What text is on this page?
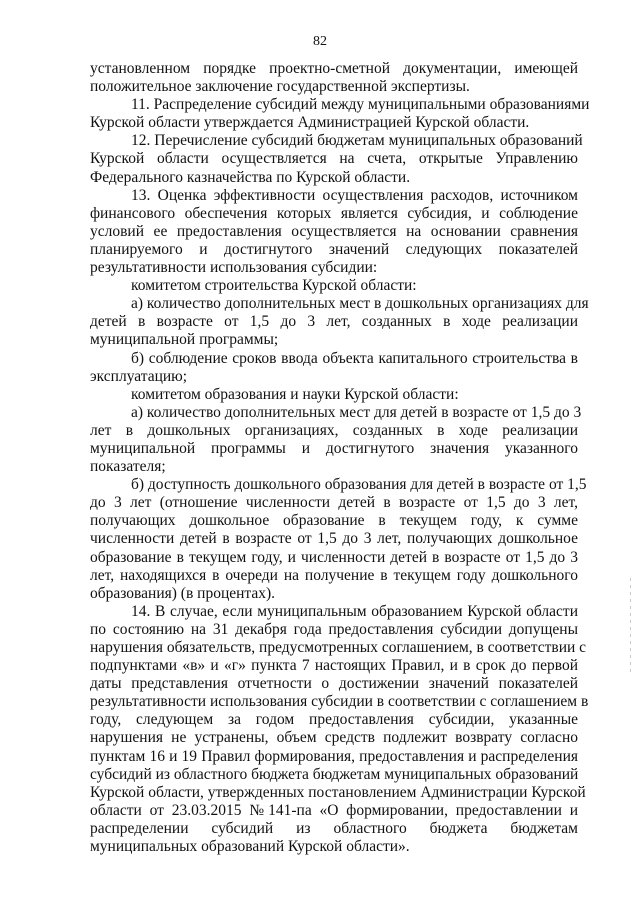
82
установленном порядке проектно-сметной документации, имеющей
положительное заключение государственной экспертизы.
11. Распределение субсидий между муниципальными образованиями
Курской области утверждается Администрацией Курской области.
12. Перечисление субсидий бюджетам муниципальных образований
Курской области осуществляется на счета, открытые Управлению
Федерального казначейства по Курской области.
13. Оценка эффективности осуществления расходов, источником
финансового обеспечения которых является субсидия, и соблюдение
условий ее предоставления осуществляется на основании сравнения
планируемого и достигнутого значений следующих показателей
результативности использования субсидии:
комитетом строительства Курской области:
а) количество дополнительных мест в дошкольных организациях для
детей в возрасте от 1,5 до 3 лет, созданных в ходе реализации
муниципальной программы;
б) соблюдение сроков ввода объекта капитального строительства в
эксплуатацию;
комитетом образования и науки Курской области:
а) количество дополнительных мест для детей в возрасте от 1,5 до 3
лет в дошкольных организациях, созданных в ходе реализации
муниципальной программы и достигнутого значения указанного
показателя;
б) доступность дошкольного образования для детей в возрасте от 1,5
до 3 лет (отношение численности детей в возрасте от 1,5 до 3 лет,
получающих дошкольное образование в текущем году, к сумме
численности детей в возрасте от 1,5 до 3 лет, получающих дошкольное
образование в текущем году, и численности детей в возрасте от 1,5 до 3
лет, находящихся в очереди на получение в текущем году дошкольного
образования) (в процентах).
14. В случае, если муниципальным образованием Курской области
по состоянию на 31 декабря года предоставления субсидии допущены
нарушения обязательств, предусмотренных соглашением, в соответствии с
подпунктами «в» и «г» пункта 7 настоящих Правил, и в срок до первой
даты представления отчетности о достижении значений показателей
результативности использования субсидии в соответствии с соглашением в
году, следующем за годом предоставления субсидии, указанные
нарушения не устранены, объем средств подлежит возврату согласно
пунктам 16 и 19 Правил формирования, предоставления и распределения
субсидий из областного бюджета бюджетам муниципальных образований
Курской области, утвержденных постановлением Администрации Курской
области от 23.03.2015 №141-па «О формировании, предоставлении и
распределении субсидий из областного бюджета бюджетам
муниципальных образований Курской области».
